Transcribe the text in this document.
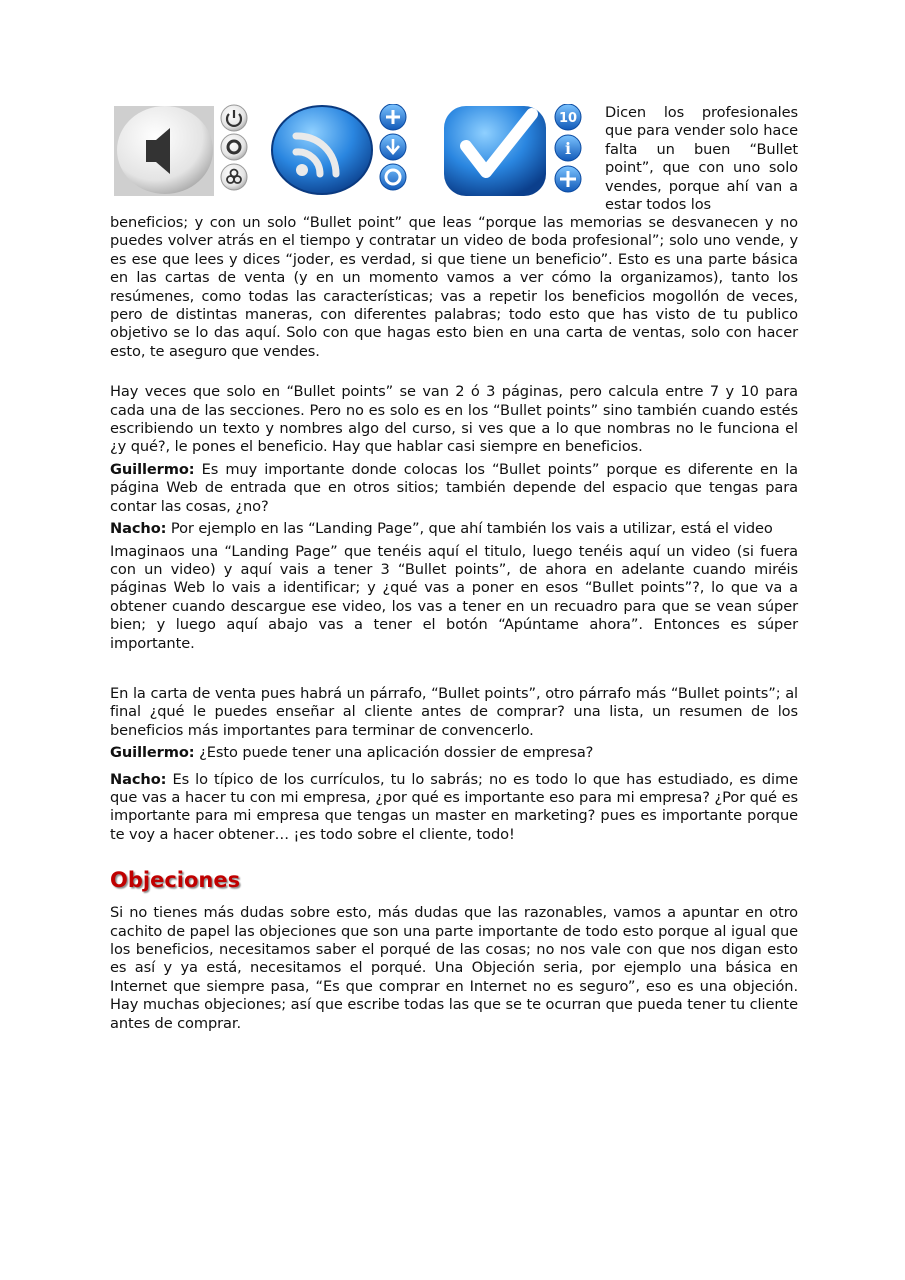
10
i

Dicen los profesionales que para vender solo hace falta un buen “Bullet point”, que con uno solo vendes, porque ahí van a estar todos los

beneficios; y con un solo “Bullet point” que leas “porque las memorias se desvanecen y no puedes volver atrás en el tiempo y contratar un video de boda profesional”; solo uno vende, y es ese que lees y dices “joder, es verdad, si que tiene un beneficio”. Esto es una parte básica en las cartas de venta (y en un momento vamos a ver cómo la organizamos), tanto los resúmenes, como todas las características; vas a repetir los beneficios mogollón de veces, pero de distintas maneras, con diferentes palabras; todo esto que has visto de tu publico objetivo se lo das aquí. Solo con que hagas esto bien en una carta de ventas, solo con hacer esto, te aseguro que vendes.

Hay veces que solo en “Bullet points” se van 2 ó 3 páginas, pero calcula entre 7 y 10 para cada una de las secciones. Pero no es solo es en los “Bullet points” sino también cuando estés escribiendo un texto y nombres algo del curso, si ves que a lo que nombras no le funciona el ¿y qué?, le pones el beneficio. Hay que hablar casi siempre en beneficios.

Guillermo: Es muy importante donde colocas los “Bullet points” porque es diferente en la página Web de entrada que en otros sitios; también depende del espacio que tengas para contar las cosas, ¿no?

Nacho: Por ejemplo en las “Landing Page”, que ahí también los vais a utilizar, está el video

Imaginaos una “Landing Page” que tenéis aquí el titulo, luego tenéis aquí un video (si fuera con un video) y aquí vais a tener 3 “Bullet points”, de ahora en adelante cuando miréis páginas Web lo vais a identificar; y ¿qué vas a poner en esos “Bullet points”?, lo que va a obtener cuando descargue ese video, los vas a tener en un recuadro para que se vean súper bien; y luego aquí abajo vas a tener el botón “Apúntame ahora”. Entonces es súper importante.

En la carta de venta pues habrá un párrafo, “Bullet points”, otro párrafo más “Bullet points”; al final ¿qué le puedes enseñar al cliente antes de comprar? una lista, un resumen de los beneficios más importantes para terminar de convencerlo.

Guillermo: ¿Esto puede tener una aplicación dossier de empresa?

Nacho: Es lo típico de los currículos, tu lo sabrás; no es todo lo que has estudiado, es dime que vas a hacer tu con mi empresa, ¿por qué es importante eso para mi empresa? ¿Por qué es importante para mi empresa que tengas un master en marketing? pues es importante porque te voy a hacer obtener… ¡es todo sobre el cliente, todo!

Objeciones

Si no tienes más dudas sobre esto, más dudas que las razonables, vamos a apuntar en otro cachito de papel las objeciones que son una parte importante de todo esto porque al igual que los beneficios, necesitamos saber el porqué de las cosas; no nos vale con que nos digan esto es así y ya está, necesitamos el porqué. Una Objeción seria, por ejemplo una básica en Internet que siempre pasa, “Es que comprar en Internet no es seguro”, eso es una objeción. Hay muchas objeciones; así que escribe todas las que se te ocurran que pueda tener tu cliente antes de comprar.
